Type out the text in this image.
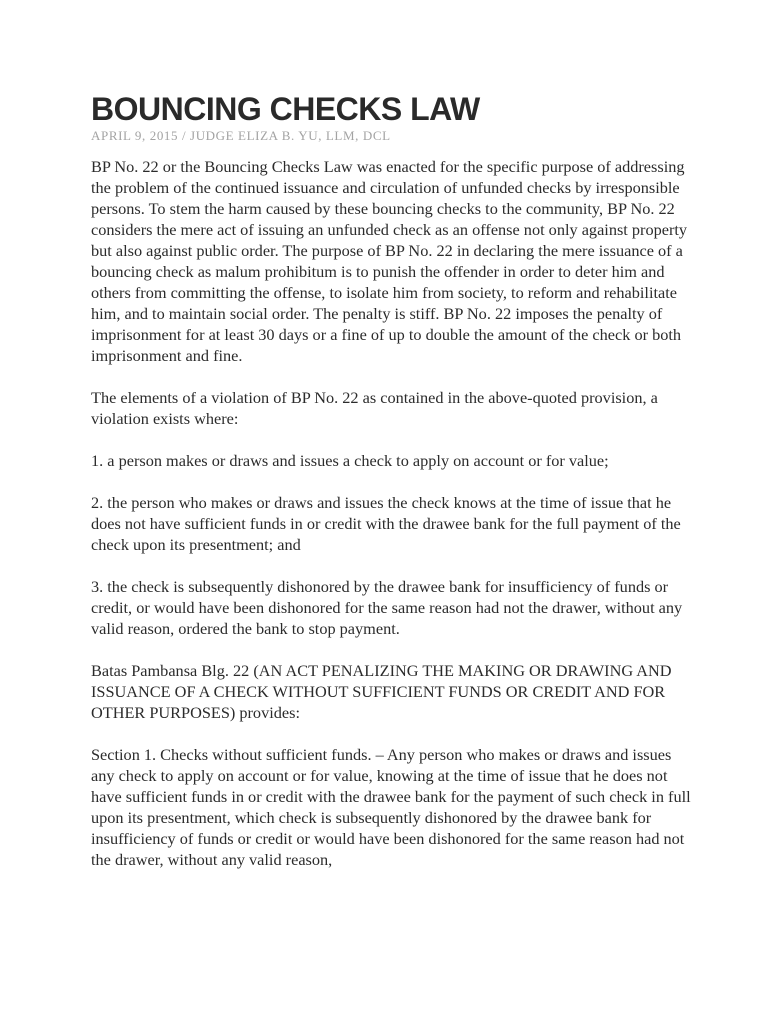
BOUNCING CHECKS LAW

APRIL 9, 2015 / JUDGE ELIZA B. YU, LLM, DCL

BP No. 22 or the Bouncing Checks Law was enacted for the specific purpose of addressing the problem of the continued issuance and circulation of unfunded checks by irresponsible persons. To stem the harm caused by these bouncing checks to the community, BP No. 22 considers the mere act of issuing an unfunded check as an offense not only against property but also against public order. The purpose of BP No. 22 in declaring the mere issuance of a bouncing check as malum prohibitum is to punish the offender in order to deter him and others from committing the offense, to isolate him from society, to reform and rehabilitate him, and to maintain social order. The penalty is stiff. BP No. 22 imposes the penalty of imprisonment for at least 30 days or a fine of up to double the amount of the check or both imprisonment and fine.

The elements of a violation of BP No. 22 as contained in the above-quoted provision, a violation exists where:

1. a person makes or draws and issues a check to apply on account or for value;

2. the person who makes or draws and issues the check knows at the time of issue that he does not have sufficient funds in or credit with the drawee bank for the full payment of the check upon its presentment; and

3. the check is subsequently dishonored by the drawee bank for insufficiency of funds or credit, or would have been dishonored for the same reason had not the drawer, without any valid reason, ordered the bank to stop payment.

Batas Pambansa Blg. 22 (AN ACT PENALIZING THE MAKING OR DRAWING AND ISSUANCE OF A CHECK WITHOUT SUFFICIENT FUNDS OR CREDIT AND FOR OTHER PURPOSES) provides:

Section 1. Checks without sufficient funds. – Any person who makes or draws and issues any check to apply on account or for value, knowing at the time of issue that he does not have sufficient funds in or credit with the drawee bank for the payment of such check in full upon its presentment, which check is subsequently dishonored by the drawee bank for insufficiency of funds or credit or would have been dishonored for the same reason had not the drawer, without any valid reason,
